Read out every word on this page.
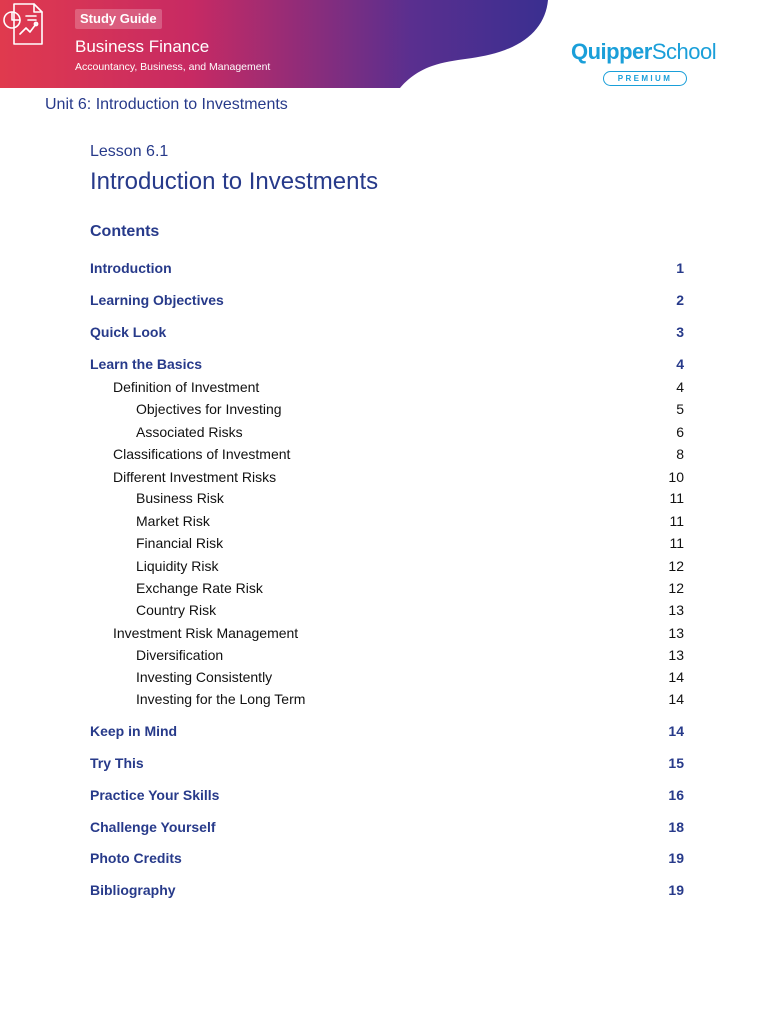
Study Guide
Business Finance
Accountancy, Business, and Management
QuipperSchool
PREMIUM
Unit 6: Introduction to Investments
Lesson 6.1
Introduction to Investments
Contents
Introduction	1
Learning Objectives	2
Quick Look	3
Learn the Basics	4
Definition of Investment	4
Objectives for Investing	5
Associated Risks	6
Classifications of Investment	8
Different Investment Risks	10
Business Risk	11
Market Risk	11
Financial Risk	11
Liquidity Risk	12
Exchange Rate Risk	12
Country Risk	13
Investment Risk Management	13
Diversification	13
Investing Consistently	14
Investing for the Long Term	14
Keep in Mind	14
Try This	15
Practice Your Skills	16
Challenge Yourself	18
Photo Credits	19
Bibliography	19
